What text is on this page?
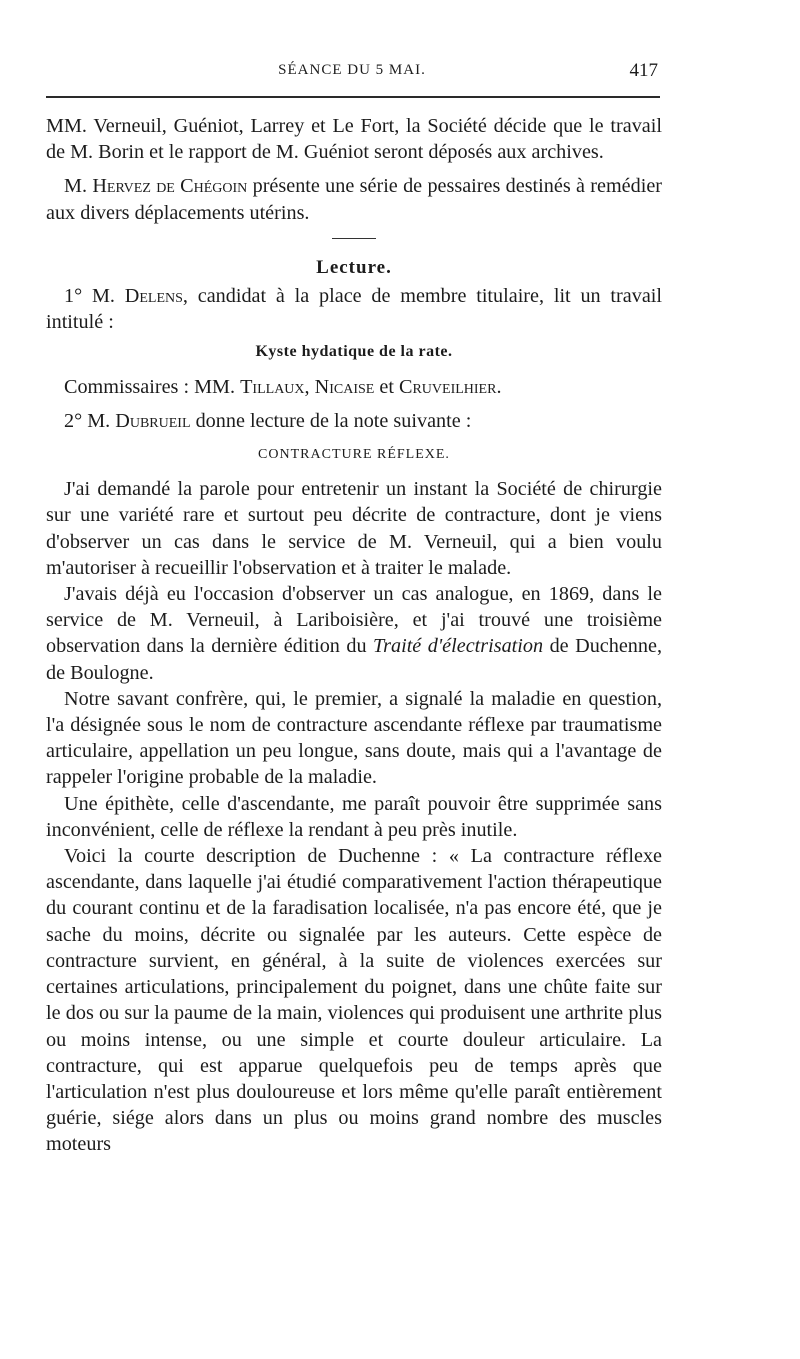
SÉANCE DU 5 MAI.	417

MM. Verneuil, Guéniot, Larrey et Le Fort, la Société décide que le travail de M. Borin et le rapport de M. Guéniot seront déposés aux archives.

M. Hervez de Chégoin présente une série de pessaires destinés à remédier aux divers déplacements utérins.

Lecture.

1° M. Delens, candidat à la place de membre titulaire, lit un travail intitulé :

Kyste hydatique de la rate.

Commissaires : MM. Tillaux, Nicaise et Cruveilhier.

2° M. Dubrueil donne lecture de la note suivante :

CONTRACTURE RÉFLEXE.

J'ai demandé la parole pour entretenir un instant la Société de chirurgie sur une variété rare et surtout peu décrite de contracture, dont je viens d'observer un cas dans le service de M. Verneuil, qui a bien voulu m'autoriser à recueillir l'observation et à traiter le malade.

J'avais déjà eu l'occasion d'observer un cas analogue, en 1869, dans le service de M. Verneuil, à Lariboisière, et j'ai trouvé une troisième observation dans la dernière édition du Traité d'électrisation de Duchenne, de Boulogne.

Notre savant confrère, qui, le premier, a signalé la maladie en question, l'a désignée sous le nom de contracture ascendante réflexe par traumatisme articulaire, appellation un peu longue, sans doute, mais qui a l'avantage de rappeler l'origine probable de la maladie.

Une épithète, celle d'ascendante, me paraît pouvoir être supprimée sans inconvénient, celle de réflexe la rendant à peu près inutile.

Voici la courte description de Duchenne : « La contracture réflexe ascendante, dans laquelle j'ai étudié comparativement l'action thérapeutique du courant continu et de la faradisation localisée, n'a pas encore été, que je sache du moins, décrite ou signalée par les auteurs. Cette espèce de contracture survient, en général, à la suite de violences exercées sur certaines articulations, principalement du poignet, dans une chûte faite sur le dos ou sur la paume de la main, violences qui produisent une arthrite plus ou moins intense, ou une simple et courte douleur articulaire. La contracture, qui est apparue quelquefois peu de temps après que l'articulation n'est plus douloureuse et lors même qu'elle paraît entièrement guérie, siége alors dans un plus ou moins grand nombre des muscles moteurs
